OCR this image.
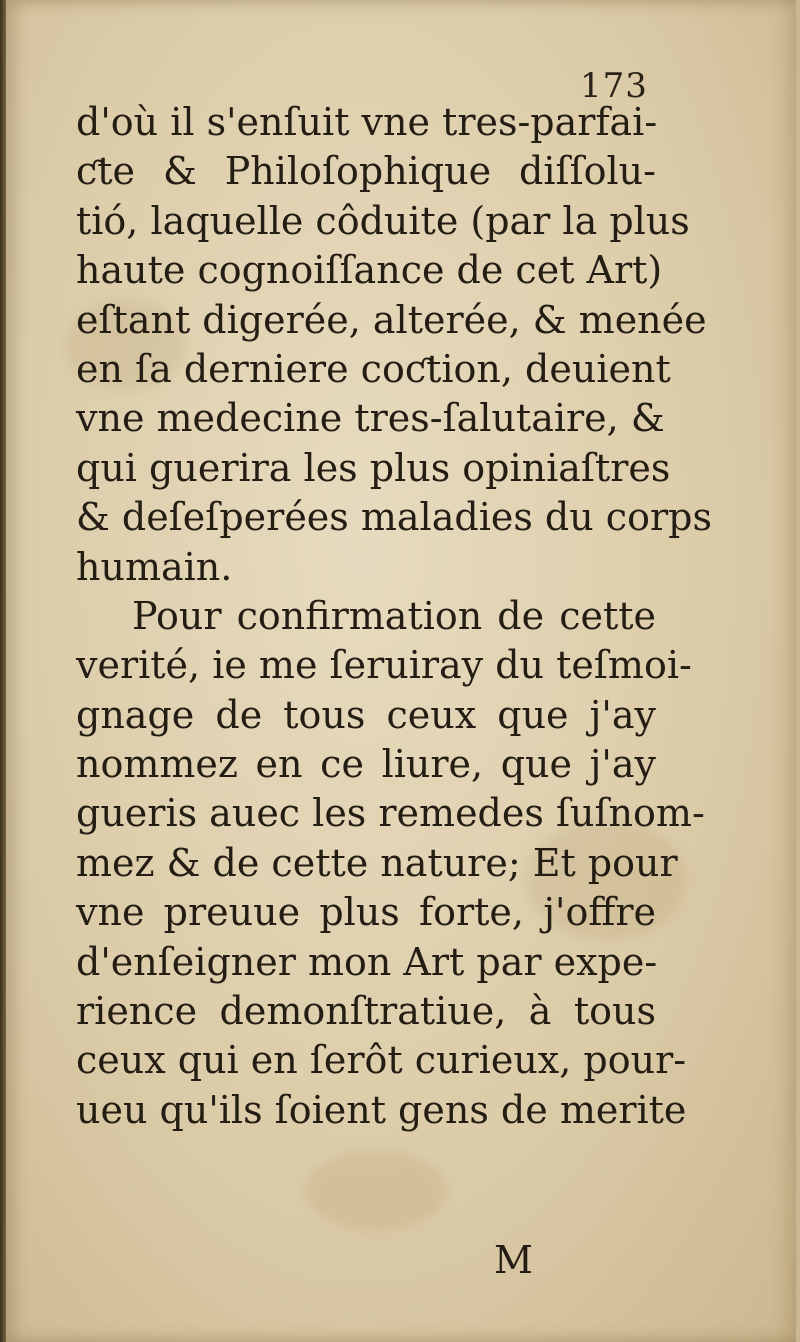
173
d'où il s'enſuit vne tres-parfai-
ƈte & Philoſophique diſſolu-
tió, laquelle côduite (par la plus
haute cognoiſſance de cet Art)
eſtant digerée, alterée, & menée
en ſa derniere coƈtion, deuient
vne medecine tres-ſalutaire, &
qui guerira les plus opiniaſtres
& deſeſperées maladies du corps
humain.
Pour confirmation de cette
verité, ie me ſeruiray du teſmoi-
gnage de tous ceux que j'ay
nommez en ce liure, que j'ay
gueris auec les remedes ſuſnom-
mez & de cette nature; Et pour
vne preuue plus forte, j'offre
d'enſeigner mon Art par expe-
rience demonſtratiue, à tous
ceux qui en ſerôt curieux, pour-
ueu qu'ils ſoient gens de merite
M
